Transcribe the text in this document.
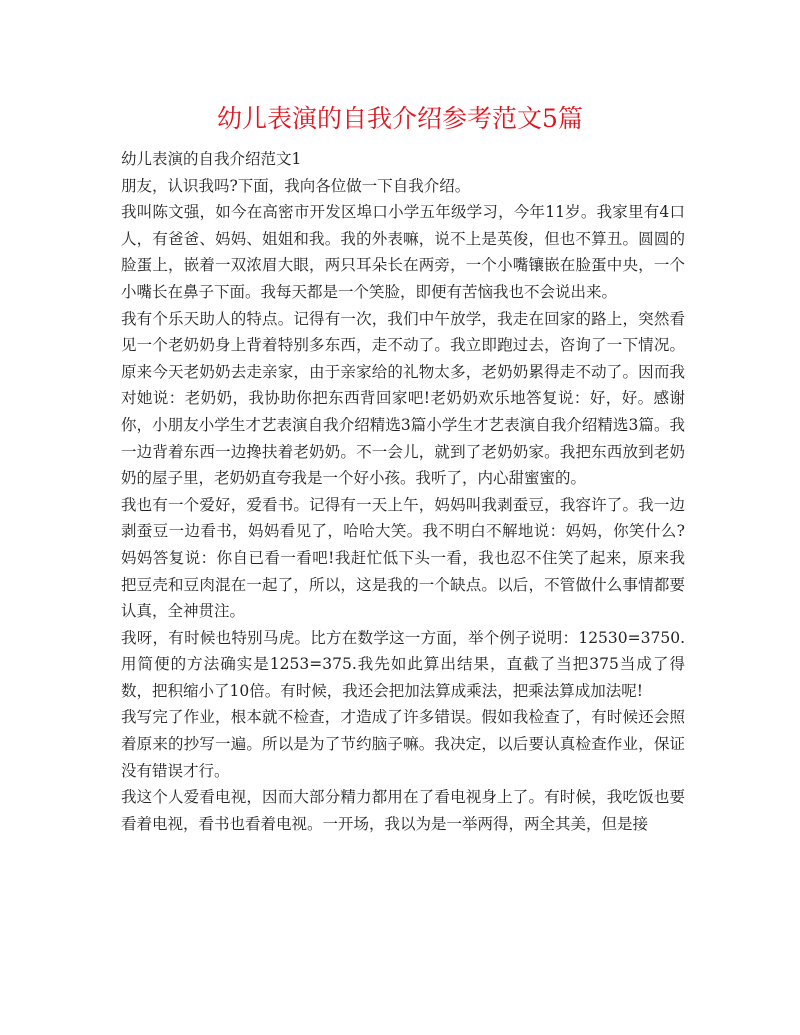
幼儿表演的自我介绍参考范文5篇

幼儿表演的自我介绍范文1

朋友，认识我吗?下面，我向各位做一下自我介绍。

我叫陈文强，如今在高密市开发区埠口小学五年级学习，今年11岁。我家里有4口人，有爸爸、妈妈、姐姐和我。我的外表嘛，说不上是英俊，但也不算丑。圆圆的脸蛋上，嵌着一双浓眉大眼，两只耳朵长在两旁，一个小嘴镶嵌在脸蛋中央，一个小嘴长在鼻子下面。我每天都是一个笑脸，即便有苦恼我也不会说出来。

我有个乐天助人的特点。记得有一次，我们中午放学，我走在回家的路上，突然看见一个老奶奶身上背着特别多东西，走不动了。我立即跑过去，咨询了一下情况。原来今天老奶奶去走亲家，由于亲家给的礼物太多，老奶奶累得走不动了。因而我对她说：老奶奶，我协助你把东西背回家吧!老奶奶欢乐地答复说：好，好。感谢你，小朋友小学生才艺表演自我介绍精选3篇小学生才艺表演自我介绍精选3篇。我一边背着东西一边搀扶着老奶奶。不一会儿，就到了老奶奶家。我把东西放到老奶奶的屋子里，老奶奶直夸我是一个好小孩。我听了，内心甜蜜蜜的。

我也有一个爱好，爱看书。记得有一天上午，妈妈叫我剥蚕豆，我容许了。我一边剥蚕豆一边看书，妈妈看见了，哈哈大笑。我不明白不解地说：妈妈，你笑什么?妈妈答复说：你自已看一看吧!我赶忙低下头一看，我也忍不住笑了起来，原来我把豆壳和豆肉混在一起了，所以，这是我的一个缺点。以后，不管做什么事情都要认真，全神贯注。

我呀，有时候也特别马虎。比方在数学这一方面，举个例子说明：12530=3750.用简便的方法确实是1253=375.我先如此算出结果，直截了当把375当成了得数，把积缩小了10倍。有时候，我还会把加法算成乘法，把乘法算成加法呢!

我写完了作业，根本就不检查，才造成了许多错误。假如我检查了，有时候还会照着原来的抄写一遍。所以是为了节约脑子嘛。我决定，以后要认真检查作业，保证没有错误才行。

我这个人爱看电视，因而大部分精力都用在了看电视身上了。有时候，我吃饭也要看着电视，看书也看着电视。一开场，我以为是一举两得，两全其美，但是接
